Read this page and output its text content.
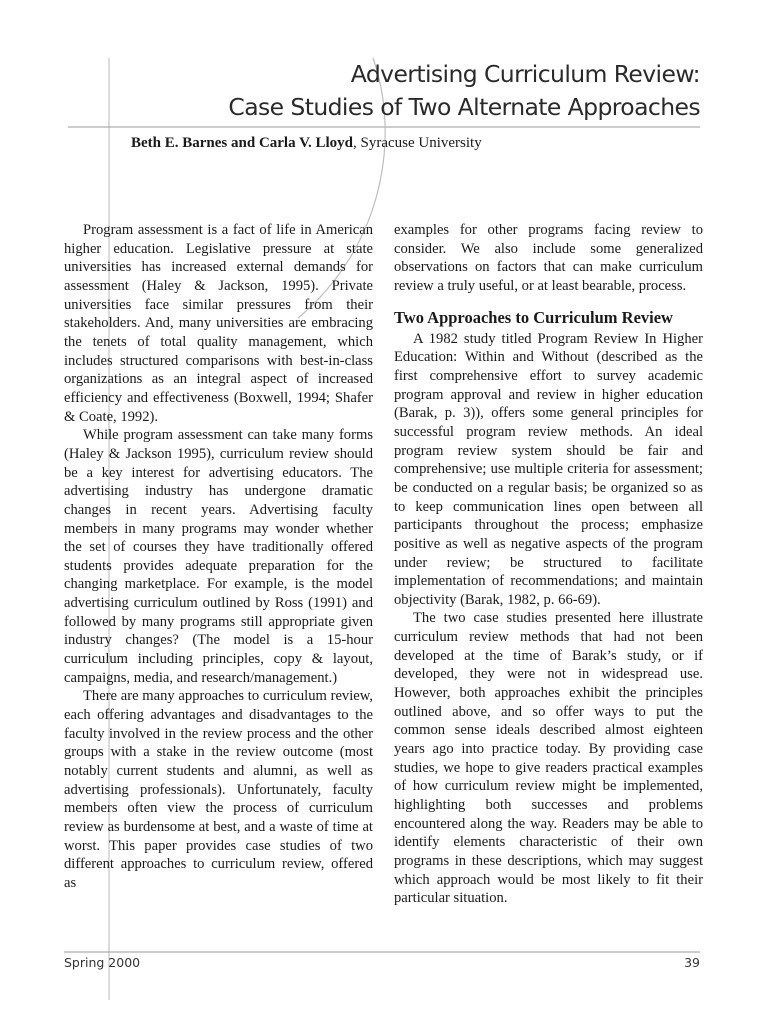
Advertising Curriculum Review:
Case Studies of Two Alternate Approaches
Beth E. Barnes and Carla V. Lloyd, Syracuse University

Program assessment is a fact of life in American higher education. Legislative pressure at state universities has increased external demands for assessment (Haley & Jackson, 1995). Private universities face similar pressures from their stakeholders. And, many universities are embracing the tenets of total quality management, which includes structured comparisons with best-in-class organizations as an integral aspect of increased efficiency and effectiveness (Boxwell, 1994; Shafer & Coate, 1992).

While program assessment can take many forms (Haley & Jackson 1995), curriculum review should be a key interest for advertising educators. The advertising industry has undergone dramatic changes in recent years. Advertising faculty members in many programs may wonder whether the set of courses they have traditionally offered students provides adequate preparation for the changing marketplace. For example, is the model advertising curriculum outlined by Ross (1991) and followed by many programs still appropriate given industry changes? (The model is a 15-hour curriculum including principles, copy & layout, campaigns, media, and research/management.)

There are many approaches to curriculum review, each offering advantages and disadvantages to the faculty involved in the review process and the other groups with a stake in the review outcome (most notably current students and alumni, as well as advertising professionals). Unfortunately, faculty members often view the process of curriculum review as burdensome at best, and a waste of time at worst. This paper provides case studies of two different approaches to curriculum review, offered as

examples for other programs facing review to consider. We also include some generalized observations on factors that can make curriculum review a truly useful, or at least bearable, process.

Two Approaches to Curriculum Review

A 1982 study titled Program Review In Higher Education: Within and Without (described as the first comprehensive effort to survey academic program approval and review in higher education (Barak, p. 3)), offers some general principles for successful program review methods. An ideal program review system should be fair and comprehensive; use multiple criteria for assessment; be conducted on a regular basis; be organized so as to keep communication lines open between all participants throughout the process; emphasize positive as well as negative aspects of the program under review; be structured to facilitate implementation of recommendations; and maintain objectivity (Barak, 1982, p. 66-69).

The two case studies presented here illustrate curriculum review methods that had not been developed at the time of Barak’s study, or if developed, they were not in widespread use. However, both approaches exhibit the principles outlined above, and so offer ways to put the common sense ideals described almost eighteen years ago into practice today. By providing case studies, we hope to give readers practical examples of how curriculum review might be implemented, highlighting both successes and problems encountered along the way. Readers may be able to identify elements characteristic of their own programs in these descriptions, which may suggest which approach would be most likely to fit their particular situation.

Spring 2000	39
